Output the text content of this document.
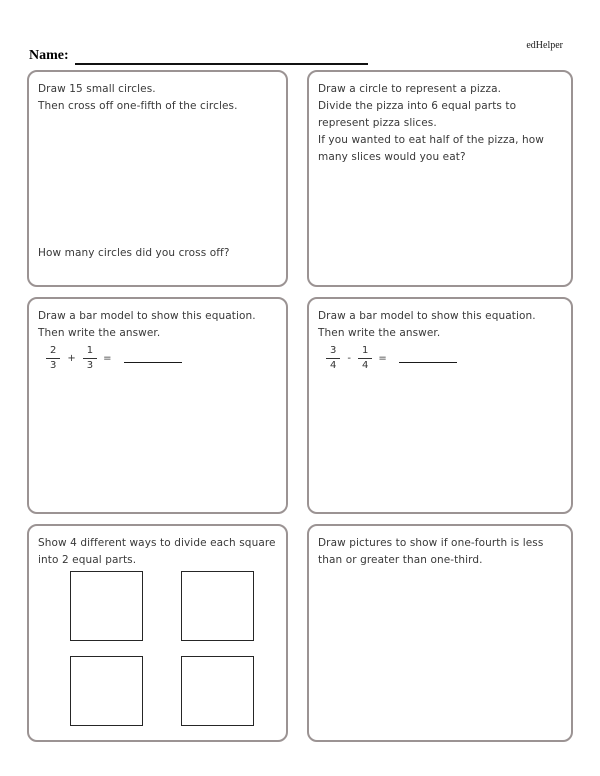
edHelper
Name:

Draw 15 small circles.

Then cross off one-fifth of the circles.

How many circles did you cross off?

Draw a circle to represent a pizza.

Divide the pizza into 6 equal parts to represent pizza slices.

If you wanted to eat half of the pizza, how many slices would you eat?

Draw a bar model to show this equation.

Then write the answer.

$\frac{2}{3} + \frac{1}{3}$ =

Draw a bar model to show this equation.

Then write the answer.

$\frac{3}{4} - \frac{1}{4}$ =

Show 4 different ways to divide each square into 2 equal parts.

Draw pictures to show if one-fourth is less than or greater than one-third.
